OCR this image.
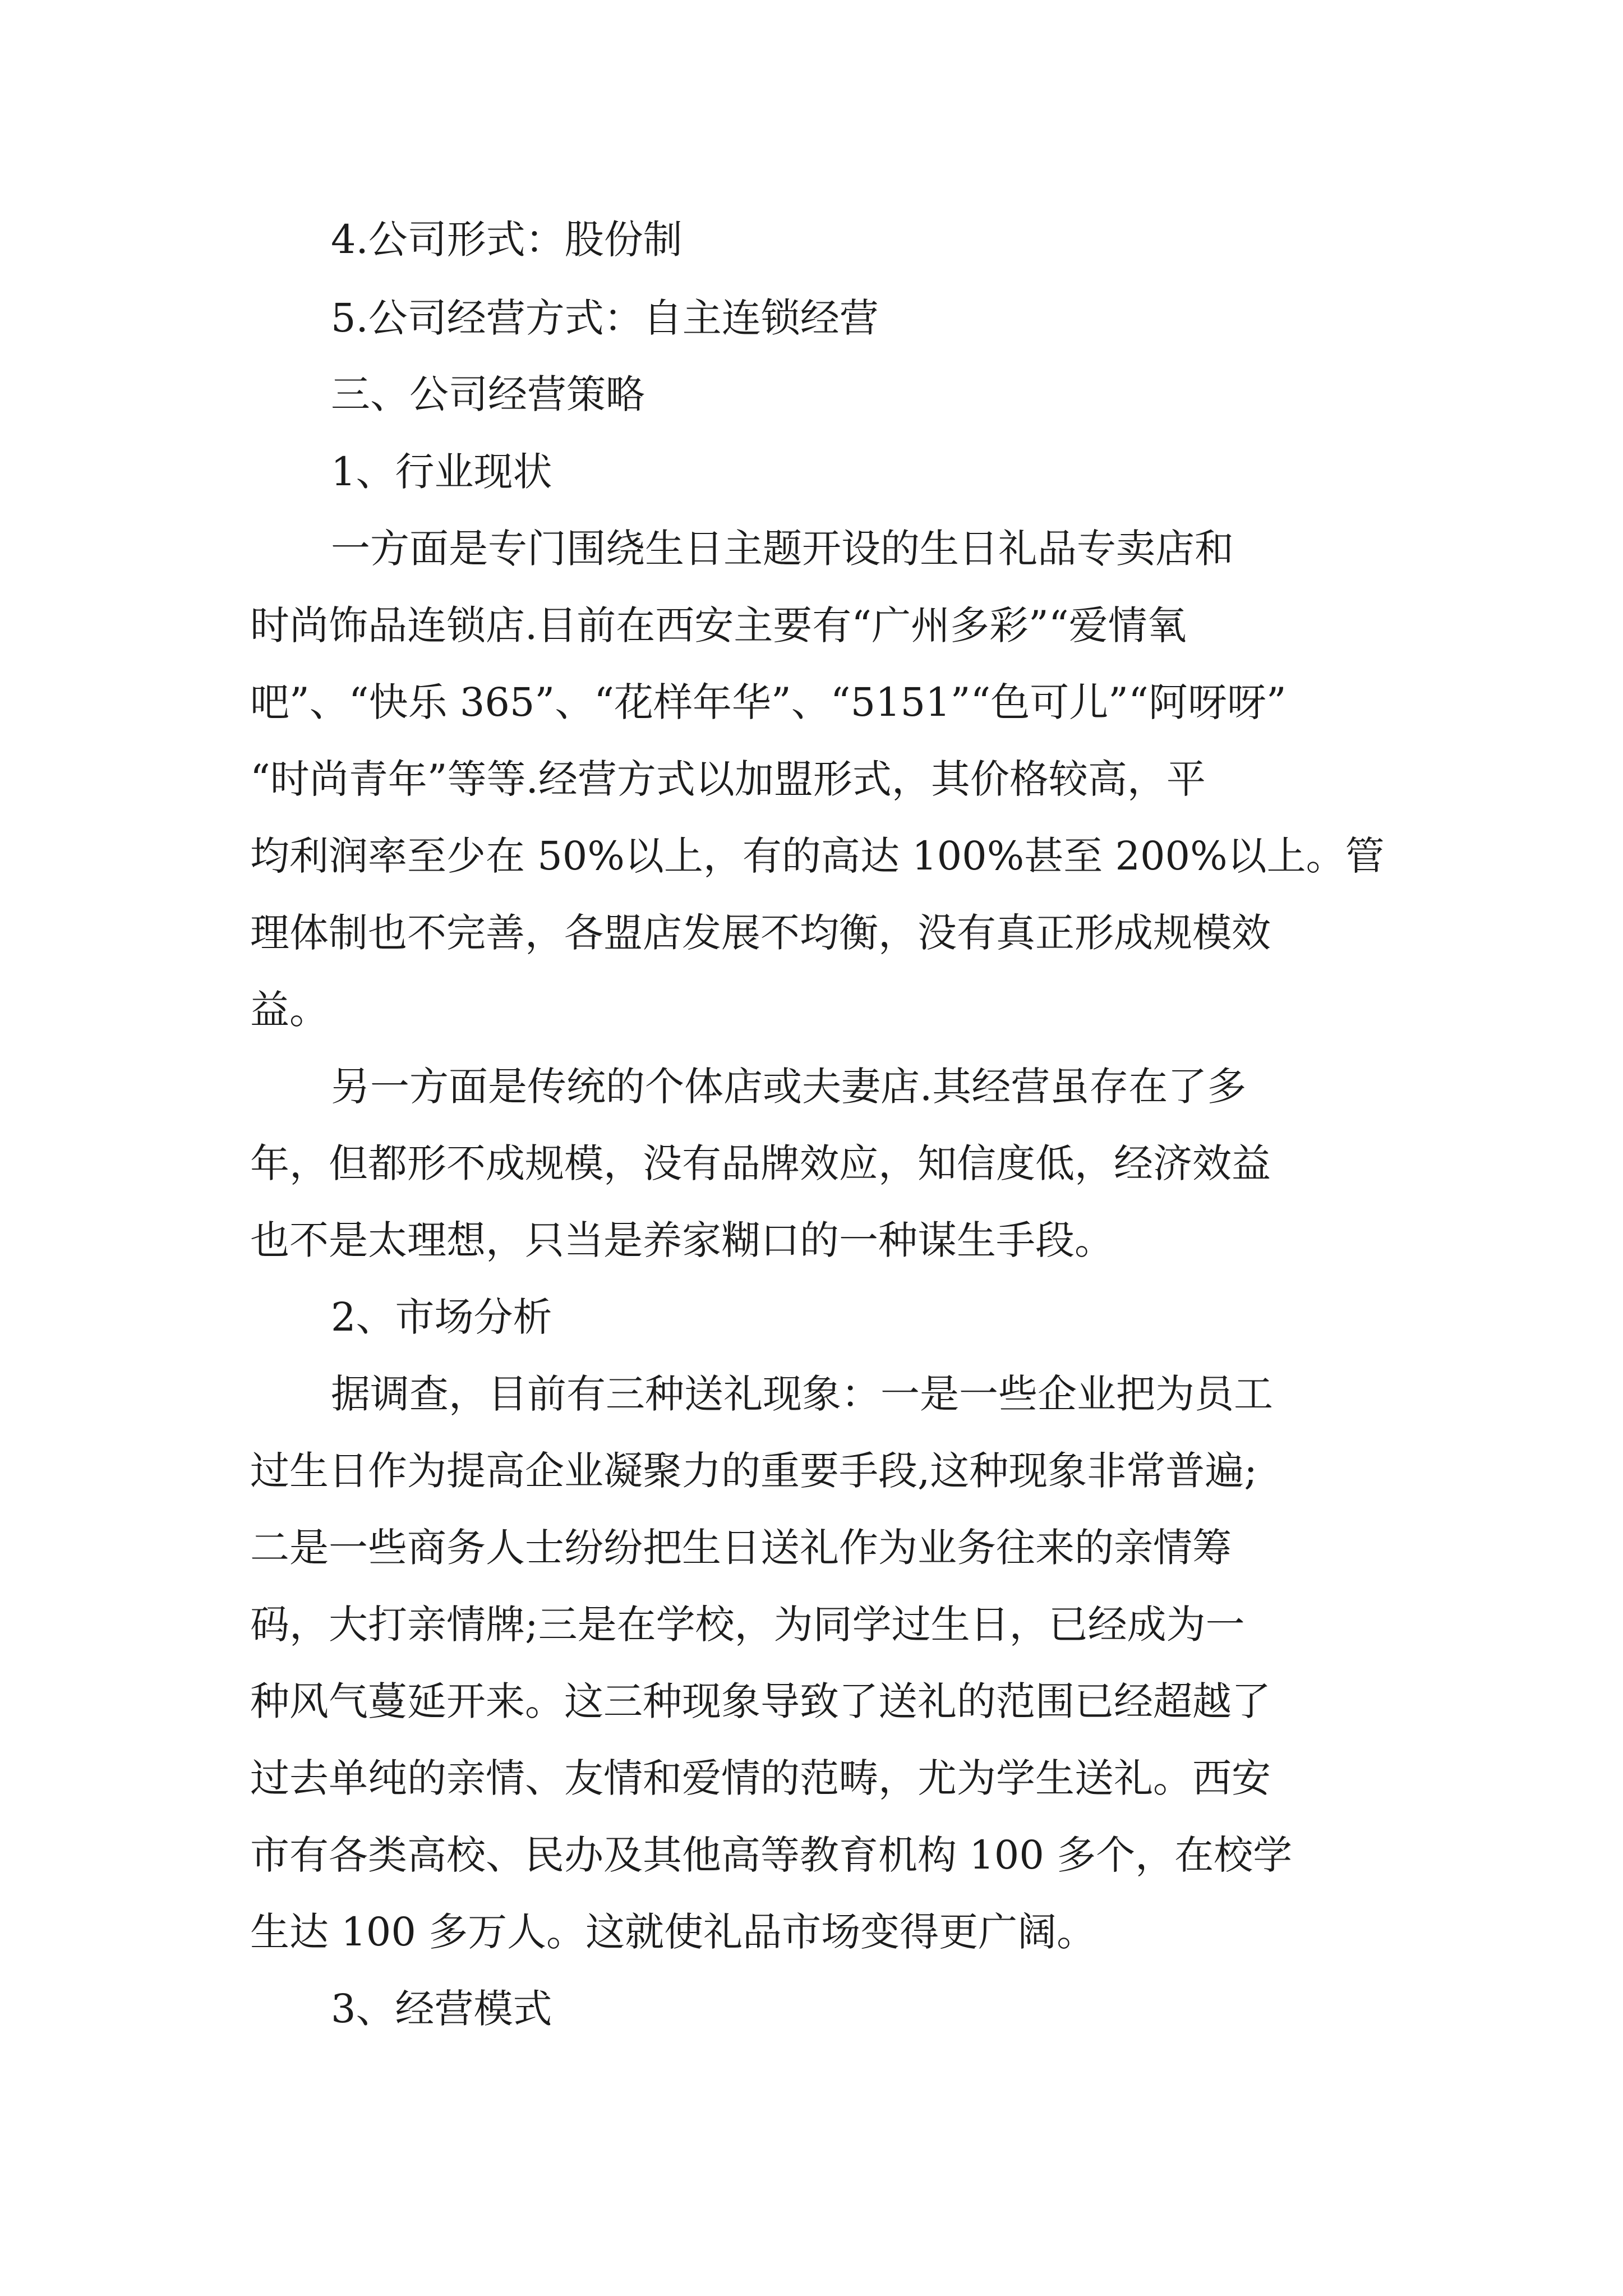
4.公司形式：股份制

5.公司经营方式：自主连锁经营

三、公司经营策略

1、行业现状

一方面是专门围绕生日主题开设的生日礼品专卖店和

时尚饰品连锁店.目前在西安主要有“广州多彩”“爱情氧

吧”、“快乐 365”、“花样年华”、“5151”“色可儿”“阿呀呀”

“时尚青年”等等.经营方式以加盟形式，其价格较高，平

均利润率至少在 50%以上，有的高达 100%甚至 200%以上。管

理体制也不完善，各盟店发展不均衡，没有真正形成规模效

益。

另一方面是传统的个体店或夫妻店.其经营虽存在了多

年，但都形不成规模，没有品牌效应，知信度低，经济效益

也不是太理想，只当是养家糊口的一种谋生手段。

2、市场分析

据调查，目前有三种送礼现象：一是一些企业把为员工

过生日作为提高企业凝聚力的重要手段,这种现象非常普遍;

二是一些商务人士纷纷把生日送礼作为业务往来的亲情筹

码，大打亲情牌;三是在学校，为同学过生日，已经成为一

种风气蔓延开来。这三种现象导致了送礼的范围已经超越了

过去单纯的亲情、友情和爱情的范畴，尤为学生送礼。西安

市有各类高校、民办及其他高等教育机构 100 多个，在校学

生达 100 多万人。这就使礼品市场变得更广阔。

3、经营模式
